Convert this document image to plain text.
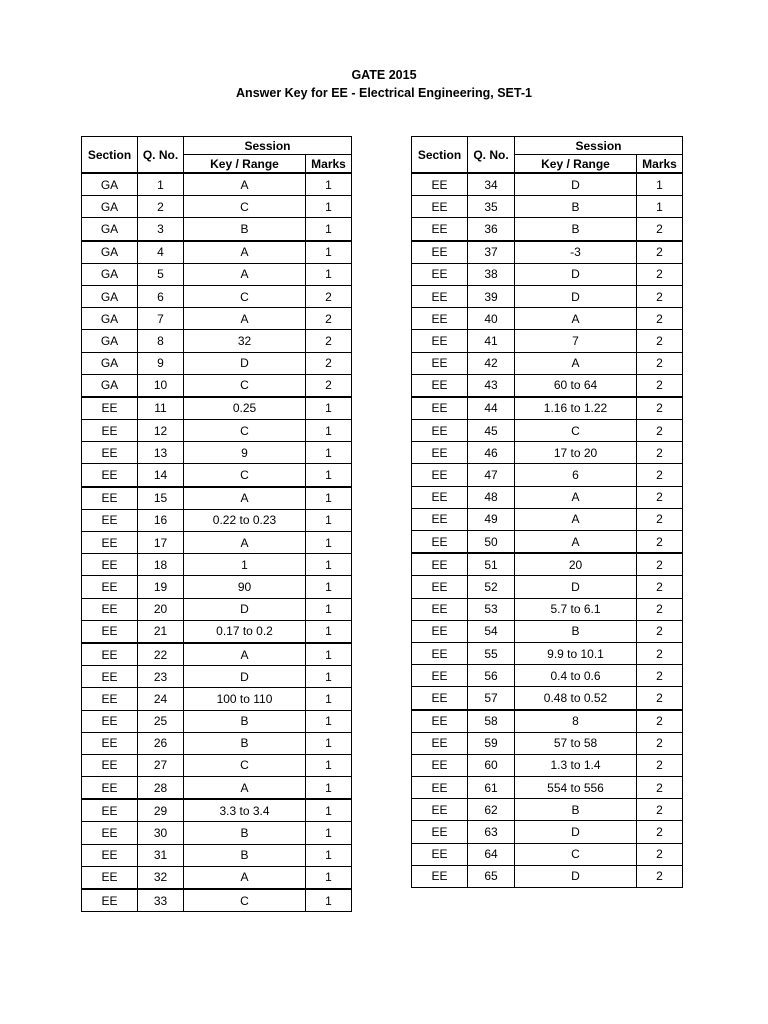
GATE 2015
Answer Key for EE - Electrical Engineering, SET-1
Section	Q. No.	Session	
		Key / Range	Marks
GA	1	A	1
GA	2	C	1
GA	3	B	1
GA	4	A	1
GA	5	A	1
GA	6	C	2
GA	7	A	2
GA	8	32	2
GA	9	D	2
GA	10	C	2
EE	11	0.25	1
EE	12	C	1
EE	13	9	1
EE	14	C	1
EE	15	A	1
EE	16	0.22 to 0.23	1
EE	17	A	1
EE	18	1	1
EE	19	90	1
EE	20	D	1
EE	21	0.17 to 0.2	1
EE	22	A	1
EE	23	D	1
EE	24	100 to 110	1
EE	25	B	1
EE	26	B	1
EE	27	C	1
EE	28	A	1
EE	29	3.3 to 3.4	1
EE	30	B	1
EE	31	B	1
EE	32	A	1
EE	33	C	1
Section	Q. No.	Session	
		Key / Range	Marks
EE	34	D	1
EE	35	B	1
EE	36	B	2
EE	37	-3	2
EE	38	D	2
EE	39	D	2
EE	40	A	2
EE	41	7	2
EE	42	A	2
EE	43	60 to 64	2
EE	44	1.16 to 1.22	2
EE	45	C	2
EE	46	17 to 20	2
EE	47	6	2
EE	48	A	2
EE	49	A	2
EE	50	A	2
EE	51	20	2
EE	52	D	2
EE	53	5.7 to 6.1	2
EE	54	B	2
EE	55	9.9 to 10.1	2
EE	56	0.4 to 0.6	2
EE	57	0.48 to 0.52	2
EE	58	8	2
EE	59	57 to 58	2
EE	60	1.3 to 1.4	2
EE	61	554 to 556	2
EE	62	B	2
EE	63	D	2
EE	64	C	2
EE	65	D	2
